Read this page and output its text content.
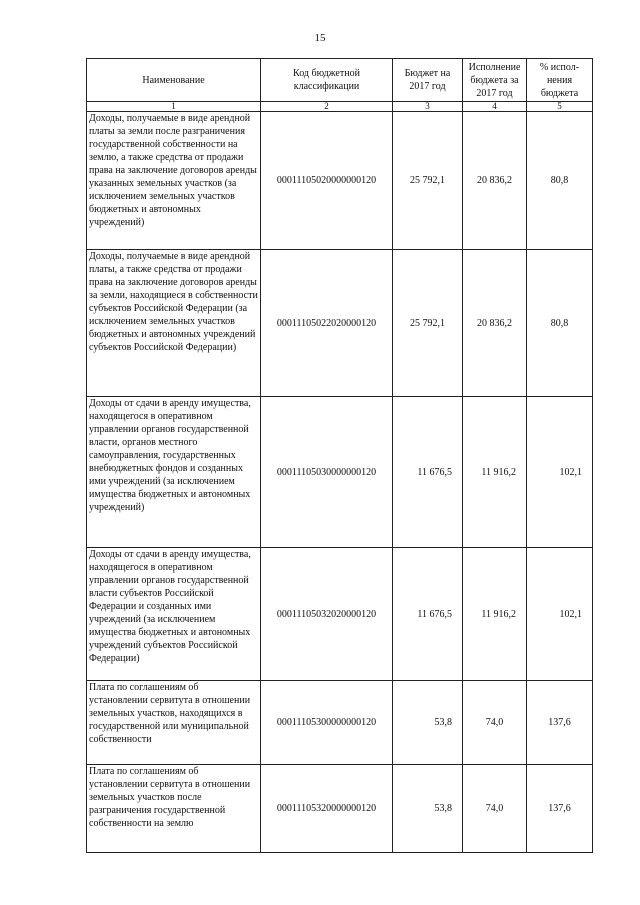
15
Наименование	Код бюджетной классификации	Бюджет на 2017 год	Исполнение бюджета за 2017 год	% испол-нения бюджета
1	2	3	4	5
Доходы, получаемые в виде арендной платы за земли после разграничения государственной собственности на землю, а также средства от продажи права на заключение договоров аренды указанных земельных участков (за исключением земельных участков бюджетных и автономных учреждений)	00011105020000000120	25 792,1	20 836,2	80,8
Доходы, получаемые в виде арендной платы, а также средства от продажи права на заключение договоров аренды за земли, находящиеся в собственности субъектов Российской Федерации (за исключением земельных участков бюджетных и автономных учреждений субъектов Российской Федерации)	00011105022020000120	25 792,1	20 836,2	80,8
Доходы от сдачи в аренду имущества, находящегося в оперативном управлении органов государственной власти, органов местного самоуправления, государственных внебюджетных фондов и созданных ими учреждений (за исключением имущества бюджетных и автономных учреждений)	00011105030000000120	11 676,5	11 916,2	102,1
Доходы от сдачи в аренду имущества, находящегося в оперативном управлении органов государственной власти субъектов Российской Федерации и созданных ими учреждений (за исключением имущества бюджетных и автономных учреждений субъектов Российской Федерации)	00011105032020000120	11 676,5	11 916,2	102,1
Плата по соглашениям об установлении сервитута в отношении земельных участков, находящихся в государственной или муниципальной собственности	00011105300000000120	53,8	74,0	137,6
Плата по соглашениям об установлении сервитута в отношении земельных участков после разграничения государственной собственности на землю	00011105320000000120	53,8	74,0	137,6
